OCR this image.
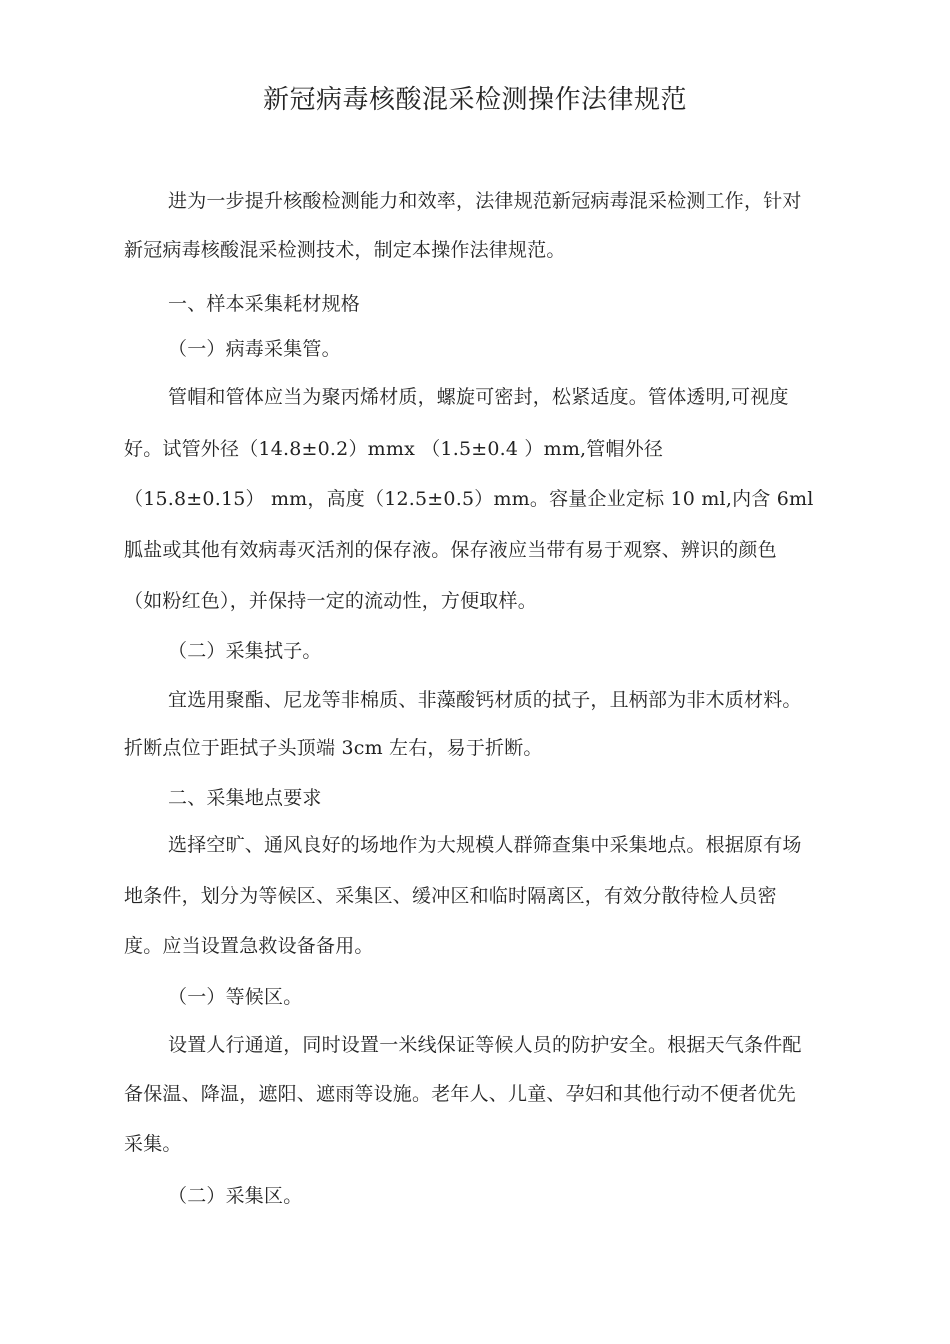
新冠病毒核酸混采检测操作法律规范
进为一步提升核酸检测能力和效率，法律规范新冠病毒混采检测工作，针对
新冠病毒核酸混采检测技术，制定本操作法律规范。
一、样本采集耗材规格
（一）病毒采集管。
管帽和管体应当为聚丙烯材质，螺旋可密封，松紧适度。管体透明,可视度
好。试管外径（14.8±0.2）mmx （1.5±0.4 ）mm,管帽外径
（15.8±0.15） mm，高度（12.5±0.5）mm。容量企业定标 10 ml,内含 6ml
胍盐或其他有效病毒灭活剂的保存液。保存液应当带有易于观察、辨识的颜色
（如粉红色），并保持一定的流动性，方便取样。
（二）采集拭子。
宜选用聚酯、尼龙等非棉质、非藻酸钙材质的拭子，且柄部为非木质材料。
折断点位于距拭子头顶端 3cm 左右，易于折断。
二、采集地点要求
选择空旷、通风良好的场地作为大规模人群筛查集中采集地点。根据原有场
地条件，划分为等候区、采集区、缓冲区和临时隔离区，有效分散待检人员密
度。应当设置急救设备备用。
（一）等候区。
设置人行通道，同时设置一米线保证等候人员的防护安全。根据天气条件配
备保温、降温，遮阳、遮雨等设施。老年人、儿童、孕妇和其他行动不便者优先
采集。
（二）采集区。
